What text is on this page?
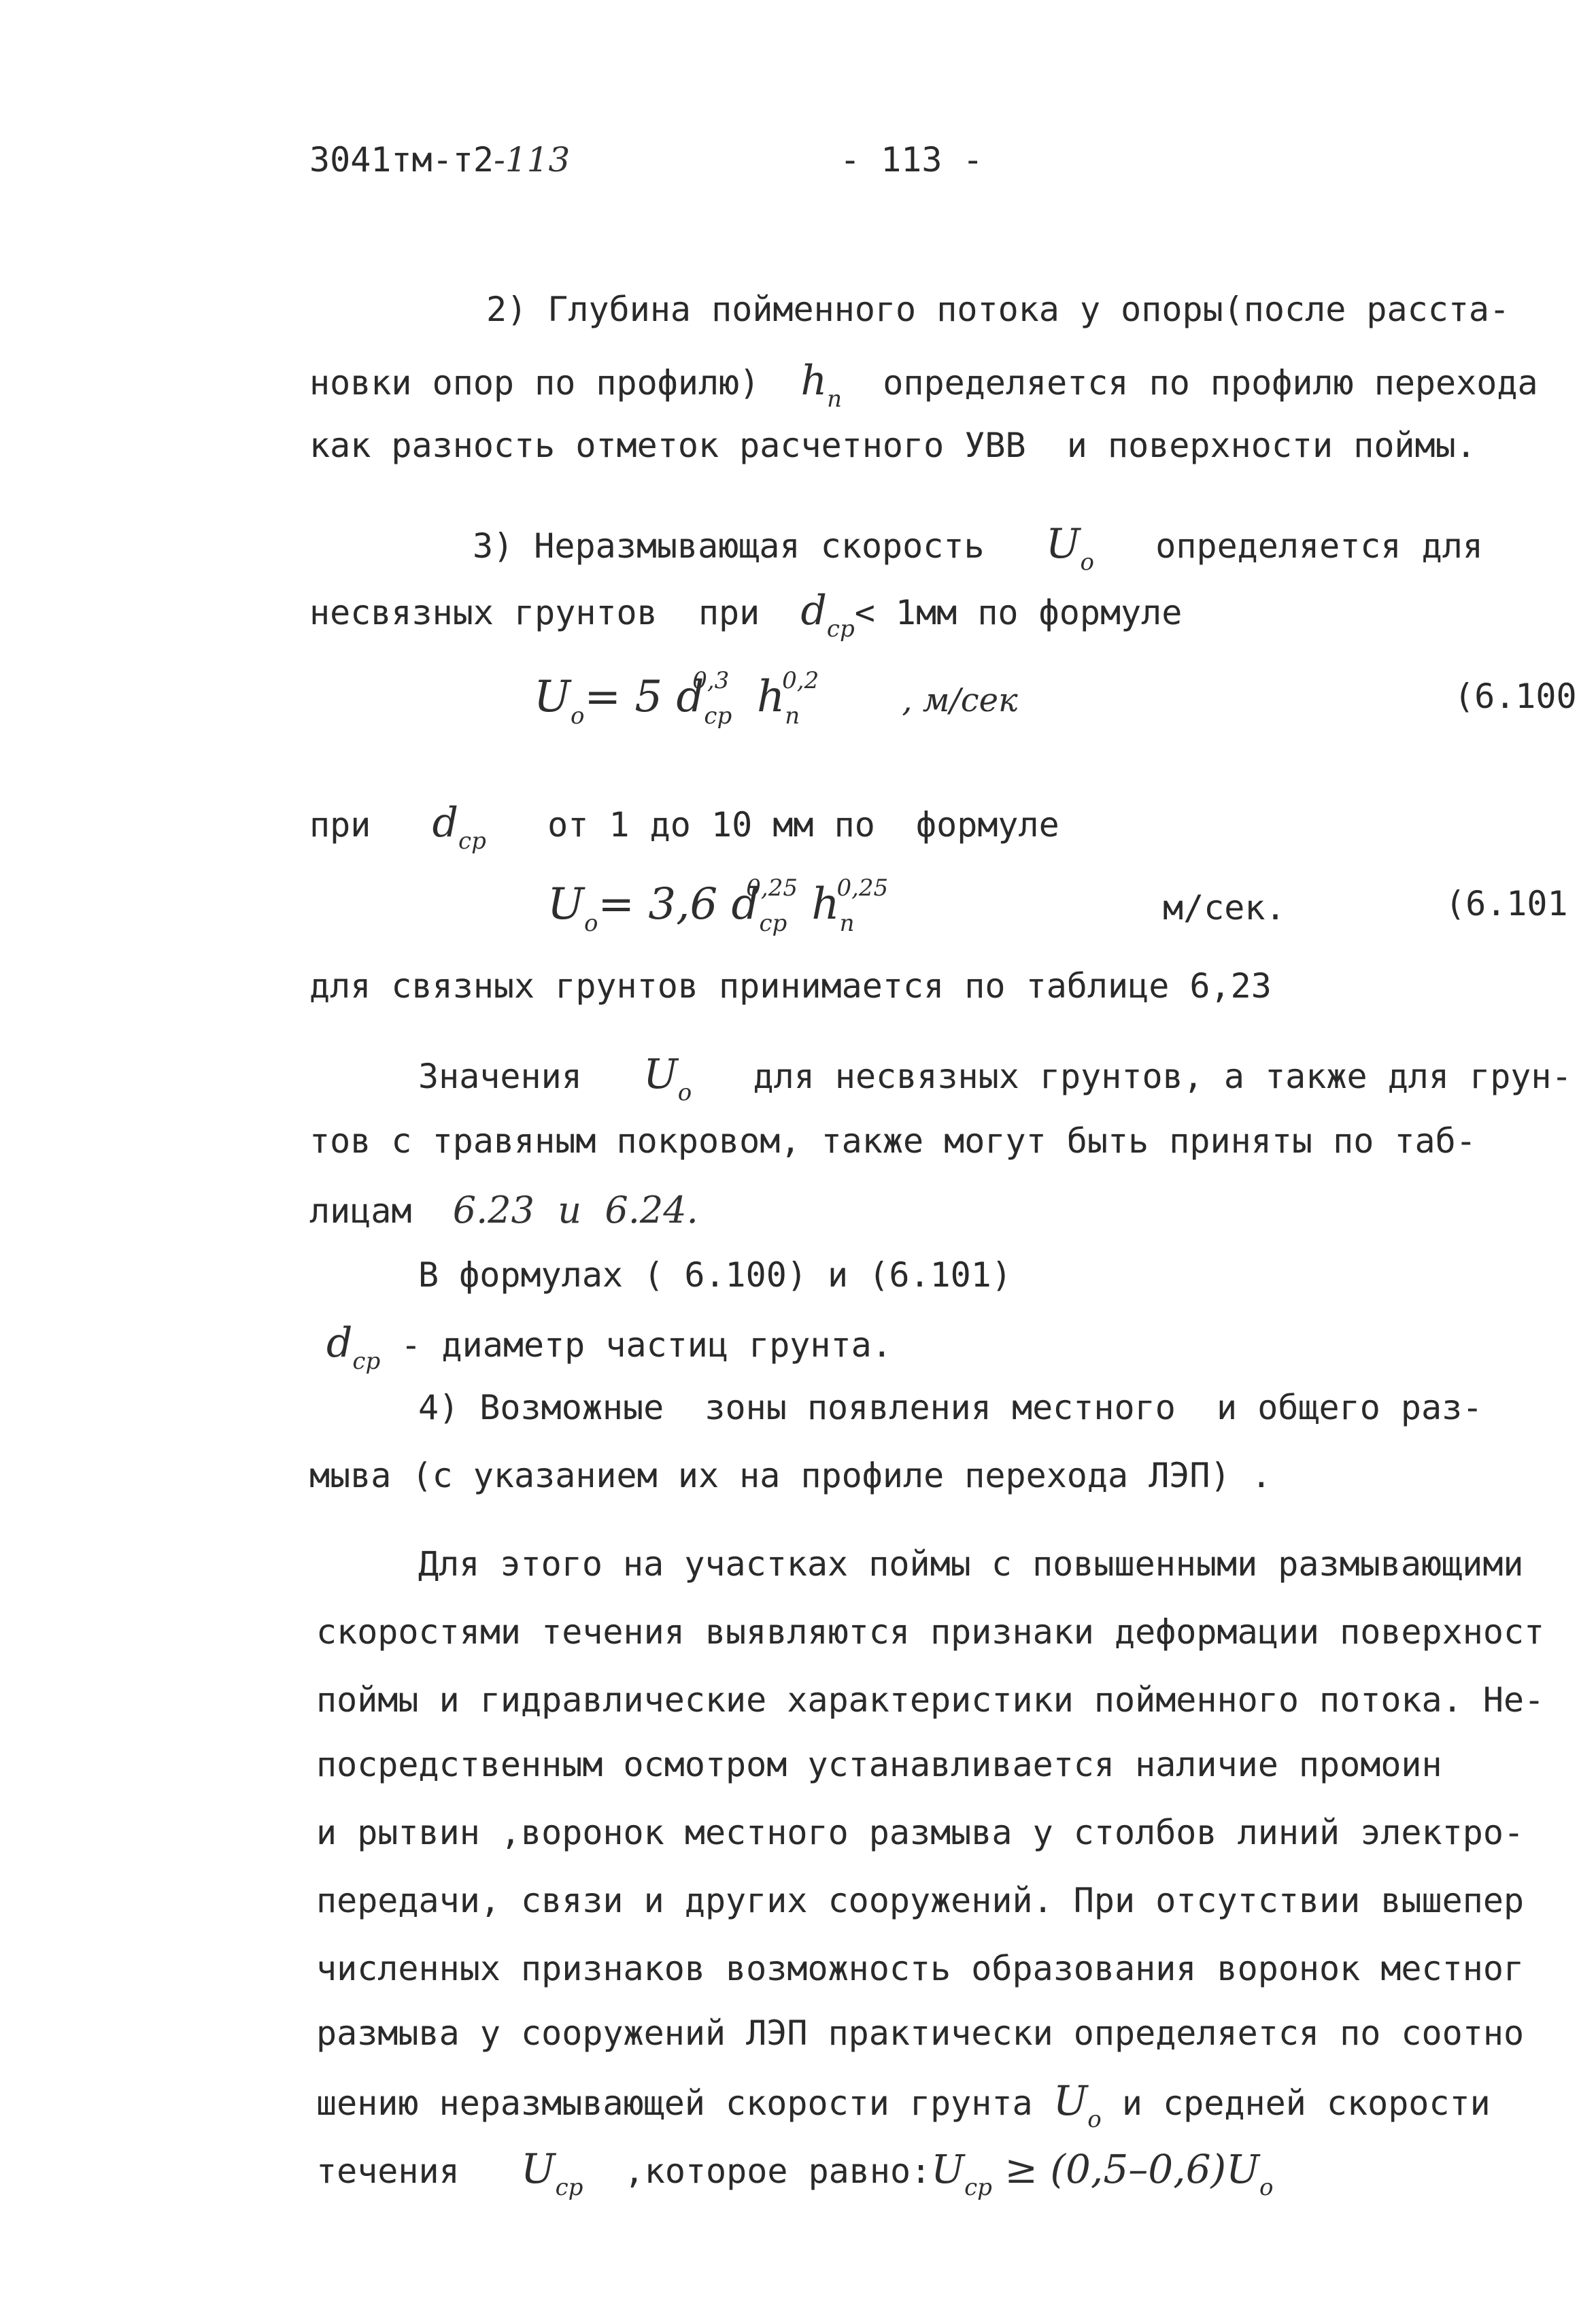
3041тм-т2-113	- 113 -
2) Глубина пойменного потока у опоры(после расста-
новки опор по профилю) $h_п$ определяется по профилю перехода
как разность отметок расчетного УВВ  и поверхности поймы.
3) Неразмывающая скорость $U_о$ определяется для
несвязных грунтов  при $d_{ср}< 1мм$ по формуле
$U_о= 5$ $d_{ср}^{0,3}$ $h_п^{0,2}$      , м/сек	(6.100
при $d_{ср}$ от 1 до 10 мм по  формуле
$U_о= 3,6$ $d_{ср}^{0,25}$ $h_п^{0,25}$	м/сек.	(6.101
для связных грунтов принимается по таблице 6,23
Значения $U_о$ для несвязных грунтов, а также для грун-
тов с травяным покровом, также могут быть приняты по таб-
лицам 6.23  и  6.24.
В формулах ( 6.100) и (6.101)
$d_{ср}$ - диаметр частиц грунта.
4) Возможные  зоны появления местного  и общего раз-
мыва (с указанием их на профиле перехода ЛЭП) .
Для этого на участках поймы с повышенными размывающими
скоростями течения выявляются признаки деформации поверхност
поймы и гидравлические характеристики пойменного потока. Не-
посредственным осмотром устанавливается наличие промоин
и рытвин ,воронок местного размыва у столбов линий электро-
передачи, связи и других сооружений. При отсутствии вышепер
численных признаков возможность образования воронок местног
размыва у сооружений ЛЭП практически определяется по соотно
шению неразмывающей скорости грунта $U_о$ и средней скорости
течения $U_{ср}$ ,которое $равно:U_{ср} \ge (0,5-0,6)U_о$
